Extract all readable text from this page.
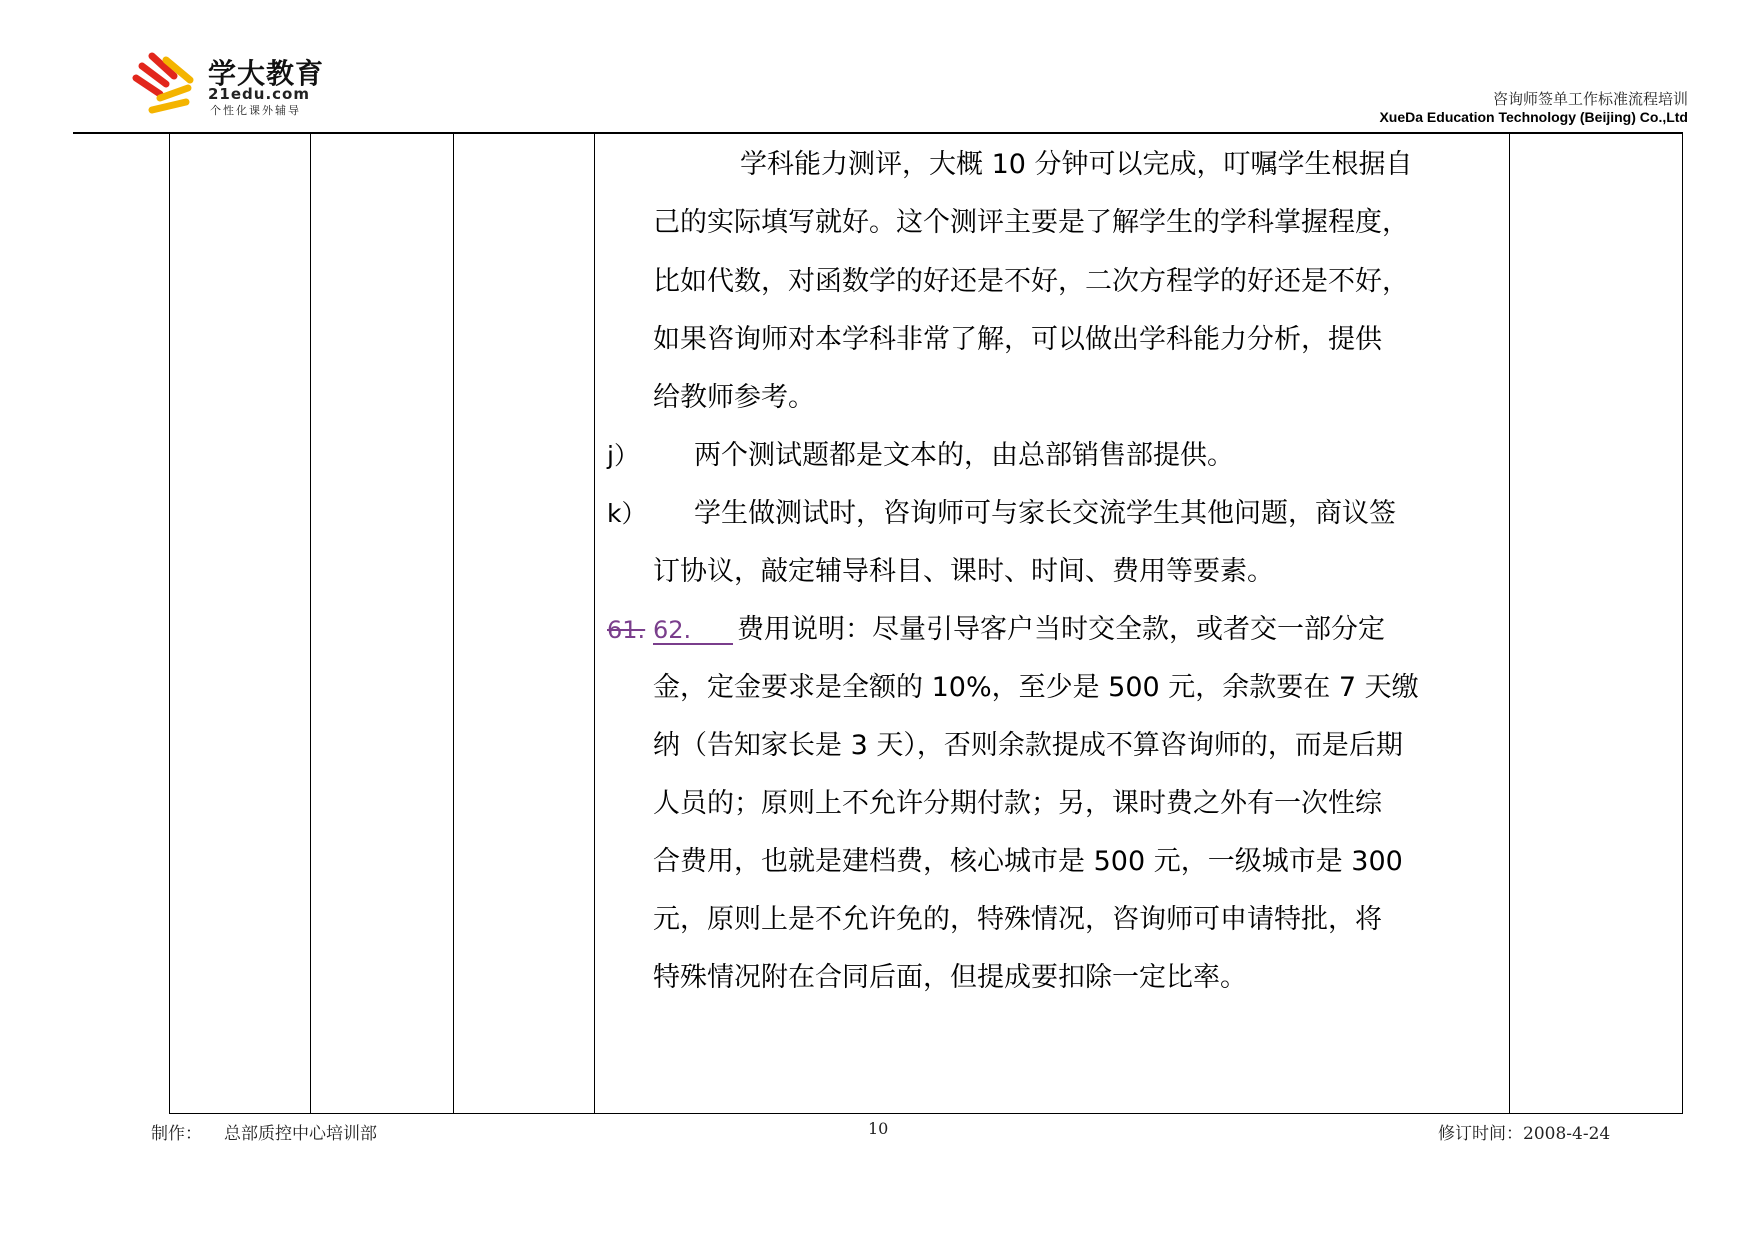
学大教育
21edu.com
个性化课外辅导
咨询师签单工作标准流程培训
XueDa Education Technology (Beijing) Co.,Ltd
学科能力测评，大概 10 分钟可以完成，叮嘱学生根据自
己的实际填写就好。这个测评主要是了解学生的学科掌握程度，
比如代数，对函数学的好还是不好，二次方程学的好还是不好，
如果咨询师对本学科非常了解，可以做出学科能力分析，提供
给教师参考。
j） 两个测试题都是文本的，由总部销售部提供。
k） 学生做测试时，咨询师可与家长交流学生其他问题，商议签
订协议，敲定辅导科目、课时、时间、费用等要素。
61. 62.	费用说明：尽量引导客户当时交全款，或者交一部分定
金，定金要求是全额的 10%，至少是 500 元，余款要在 7 天缴
纳（告知家长是 3 天），否则余款提成不算咨询师的，而是后期
人员的；原则上不允许分期付款；另，课时费之外有一次性综
合费用，也就是建档费，核心城市是 500 元，一级城市是 300
元，原则上是不允许免的，特殊情况，咨询师可申请特批，将
特殊情况附在合同后面，但提成要扣除一定比率。
制作： 总部质控中心培训部	10	修订时间：2008-4-24
